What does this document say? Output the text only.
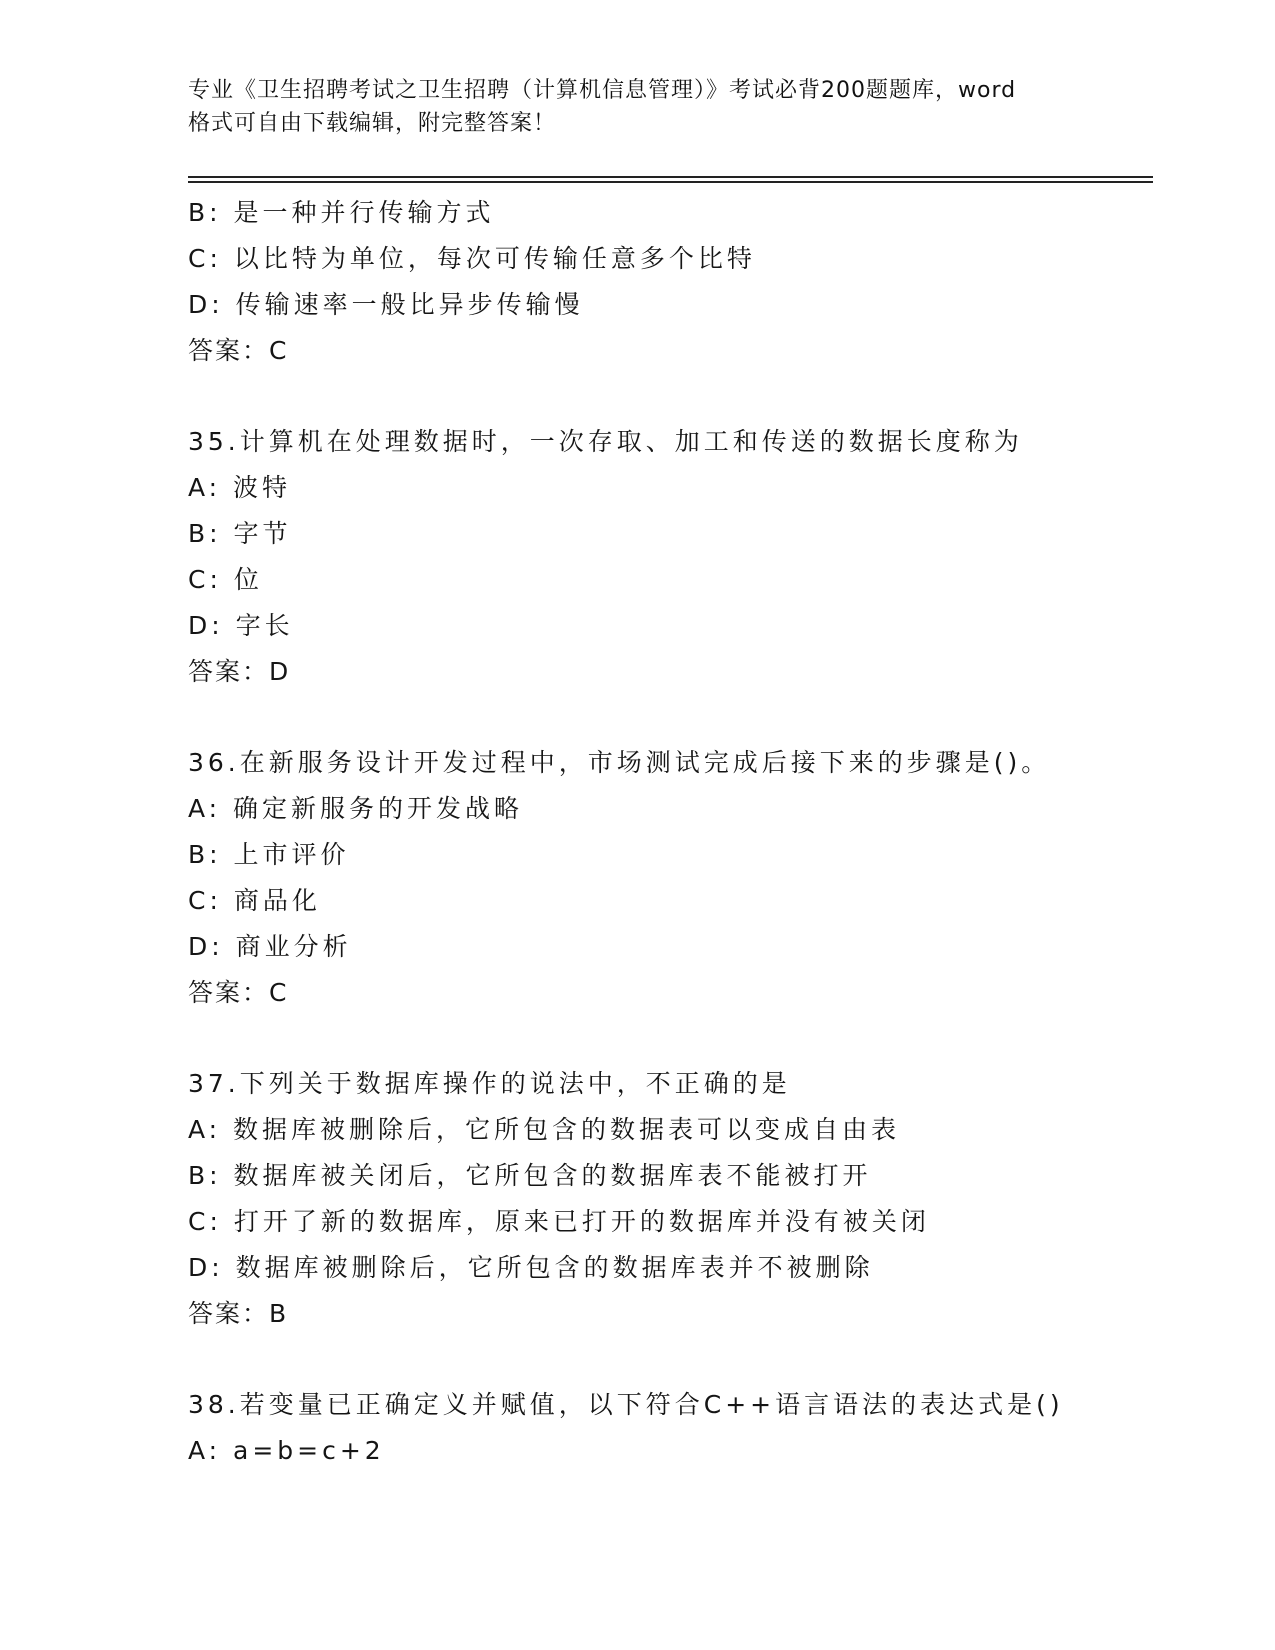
专业《卫生招聘考试之卫生招聘（计算机信息管理）》考试必背200题题库，word
格式可自由下载编辑，附完整答案！
B: 是一种并行传输方式
C: 以比特为单位，每次可传输任意多个比特
D: 传输速率一般比异步传输慢
答案：C
35.计算机在处理数据时，一次存取、加工和传送的数据长度称为
A: 波特
B: 字节
C: 位
D: 字长
答案：D
36.在新服务设计开发过程中，市场测试完成后接下来的步骤是()。
A: 确定新服务的开发战略
B: 上市评价
C: 商品化
D: 商业分析
答案：C
37.下列关于数据库操作的说法中，不正确的是
A: 数据库被删除后，它所包含的数据表可以变成自由表
B: 数据库被关闭后，它所包含的数据库表不能被打开
C: 打开了新的数据库，原来已打开的数据库并没有被关闭
D: 数据库被删除后，它所包含的数据库表并不被删除
答案：B
38.若变量已正确定义并赋值，以下符合C++语言语法的表达式是()
A: a=b=c+2
